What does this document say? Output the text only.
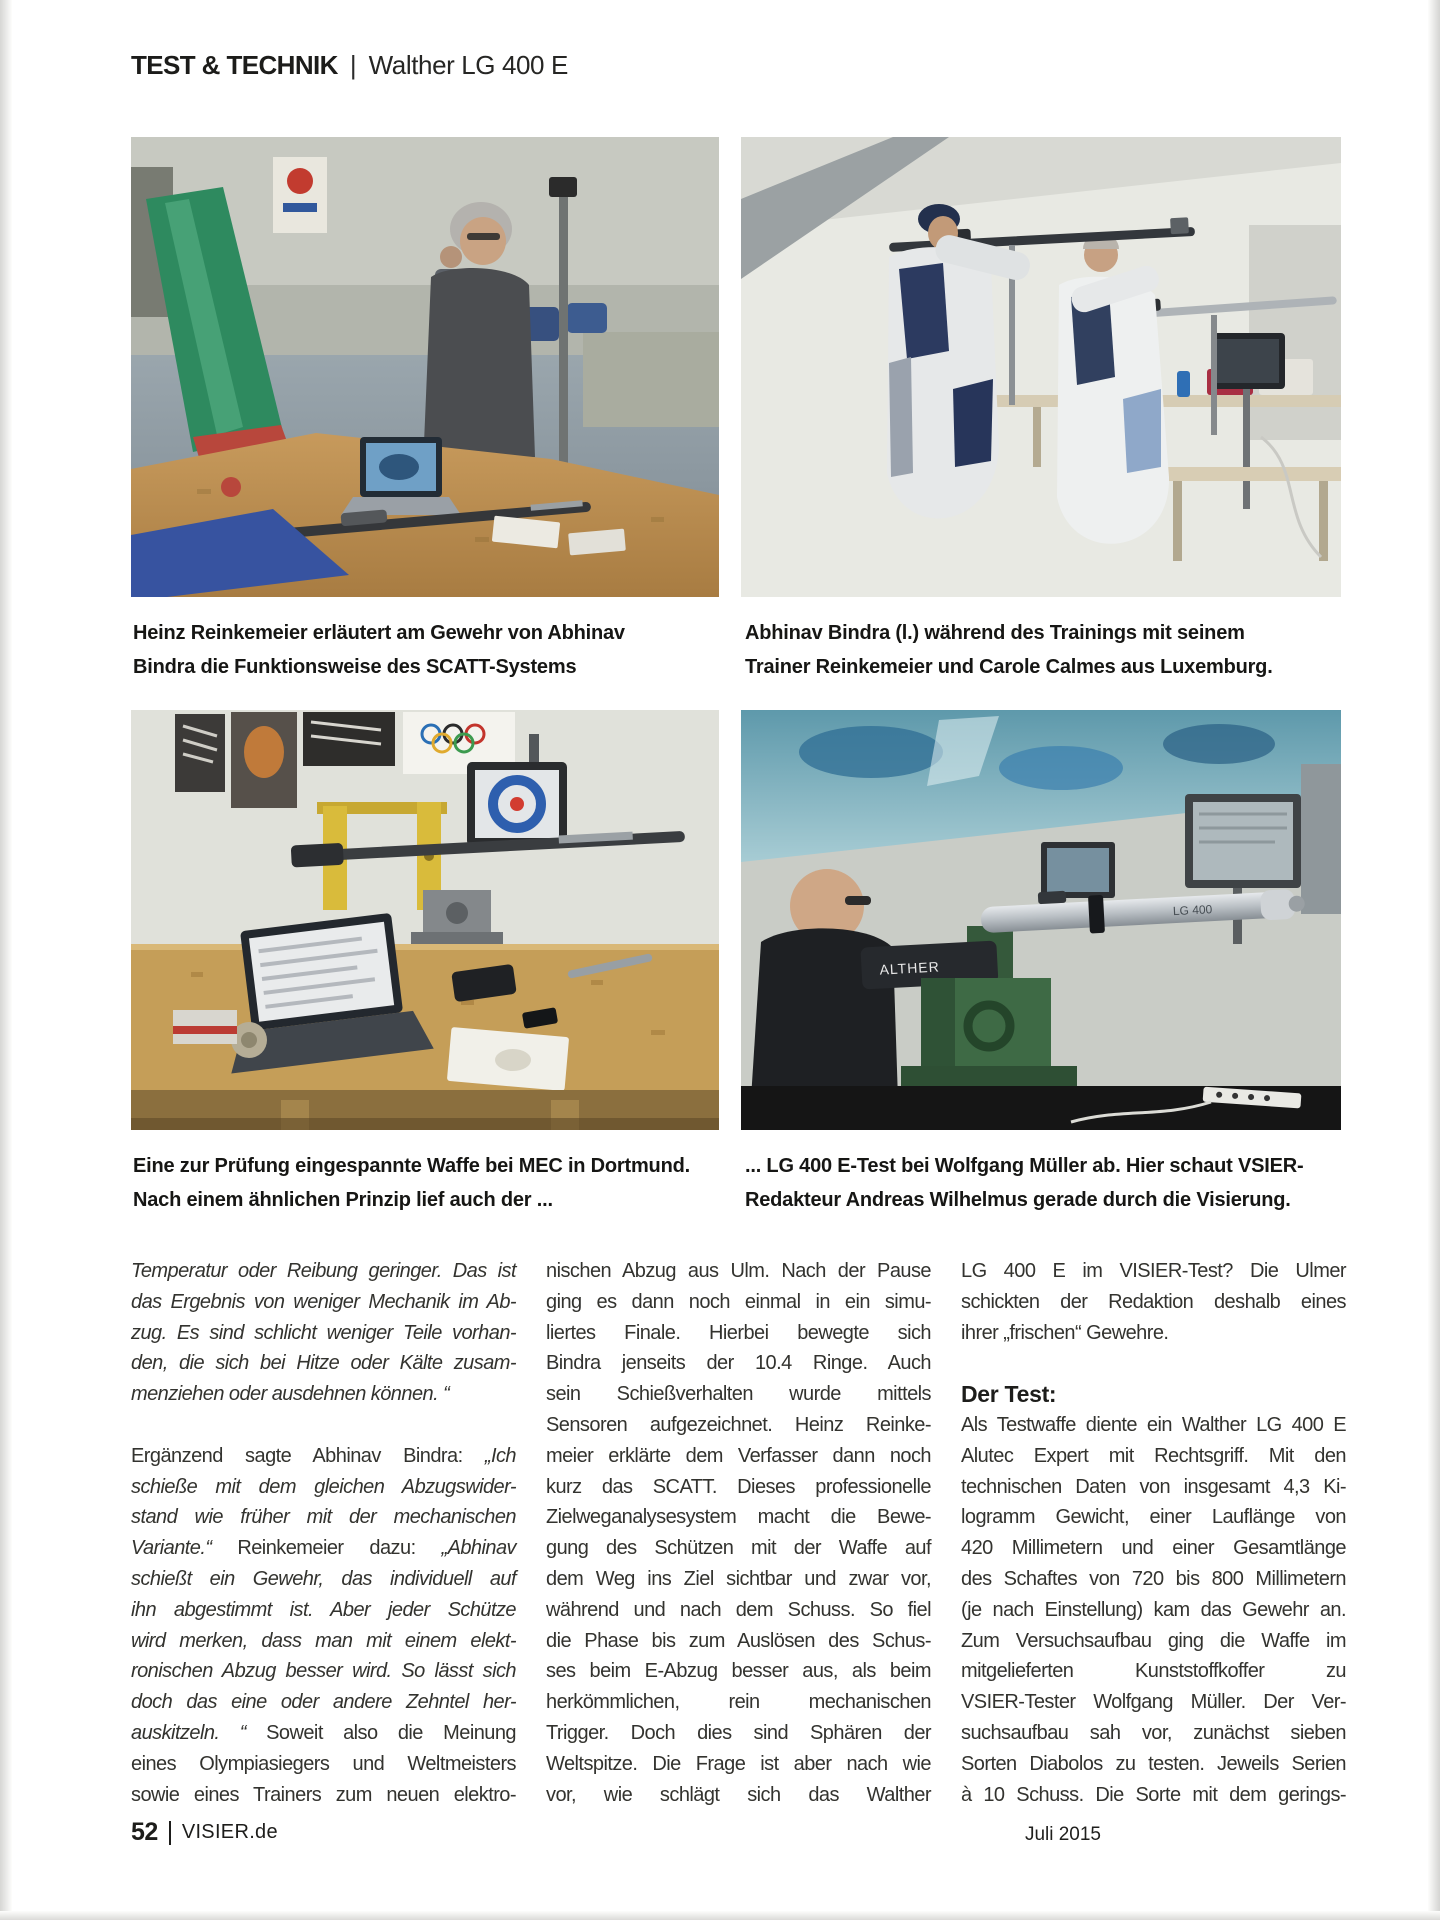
TEST & TECHNIK | Walther LG 400 E
Heinz Reinkemeier erläutert am Gewehr von Abhinav
Bindra die Funktionsweise des SCATT-Systems
Abhinav Bindra (l.) während des Trainings mit seinem
Trainer Reinkemeier und Carole Calmes aus Luxemburg.
ALTHER
LG 400
Eine zur Prüfung eingespannte Waffe bei MEC in Dortmund.
Nach einem ähnlichen Prinzip lief auch der ...
... LG 400 E-Test bei Wolfgang Müller ab. Hier schaut VSIER-
Redakteur Andreas Wilhelmus gerade durch die Visierung.
Temperatur oder Reibung geringer. Das ist
das Ergebnis von weniger Mechanik im Ab-
zug. Es sind schlicht weniger Teile vorhan-
den, die sich bei Hitze oder Kälte zusam-
menziehen oder ausdehnen können. “
Ergänzend sagte Abhinav Bindra: „Ich
schieße mit dem gleichen Abzugswider-
stand wie früher mit der mechanischen
Variante.“ Reinkemeier dazu: „Abhinav
schießt ein Gewehr, das individuell auf
ihn abgestimmt ist. Aber jeder Schütze
wird merken, dass man mit einem elekt-
ronischen Abzug besser wird. So lässt sich
doch das eine oder andere Zehntel her-
auskitzeln. “ Soweit also die Meinung
eines Olympiasiegers und Weltmeisters
sowie eines Trainers zum neuen elektro-
nischen Abzug aus Ulm. Nach der Pause
ging es dann noch einmal in ein simu-
liertes Finale. Hierbei bewegte sich
Bindra jenseits der 10.4 Ringe. Auch
sein Schießverhalten wurde mittels
Sensoren aufgezeichnet. Heinz Reinke-
meier erklärte dem Verfasser dann noch
kurz das SCATT. Dieses professionelle
Zielweganalysesystem macht die Bewe-
gung des Schützen mit der Waffe auf
dem Weg ins Ziel sichtbar und zwar vor,
während und nach dem Schuss. So fiel
die Phase bis zum Auslösen des Schus-
ses beim E-Abzug besser aus, als beim
herkömmlichen, rein mechanischen
Trigger. Doch dies sind Sphären der
Weltspitze. Die Frage ist aber nach wie
vor, wie schlägt sich das Walther
LG 400 E im VISIER-Test? Die Ulmer
schickten der Redaktion deshalb eines
ihrer „frischen“ Gewehre.
Der Test:
Als Testwaffe diente ein Walther LG 400 E
Alutec Expert mit Rechtsgriff. Mit den
technischen Daten von insgesamt 4,3 Ki-
logramm Gewicht, einer Lauflänge von
420 Millimetern und einer Gesamtlänge
des Schaftes von 720 bis 800 Millimetern
(je nach Einstellung) kam das Gewehr an.
Zum Versuchsaufbau ging die Waffe im
mitgelieferten Kunststoffkoffer zu
VSIER-Tester Wolfgang Müller. Der Ver-
suchsaufbau sah vor, zunächst sieben
Sorten Diabolos zu testen. Jeweils Serien
à 10 Schuss. Die Sorte mit dem gerings-
52 VISIER.de	Juli 2015
